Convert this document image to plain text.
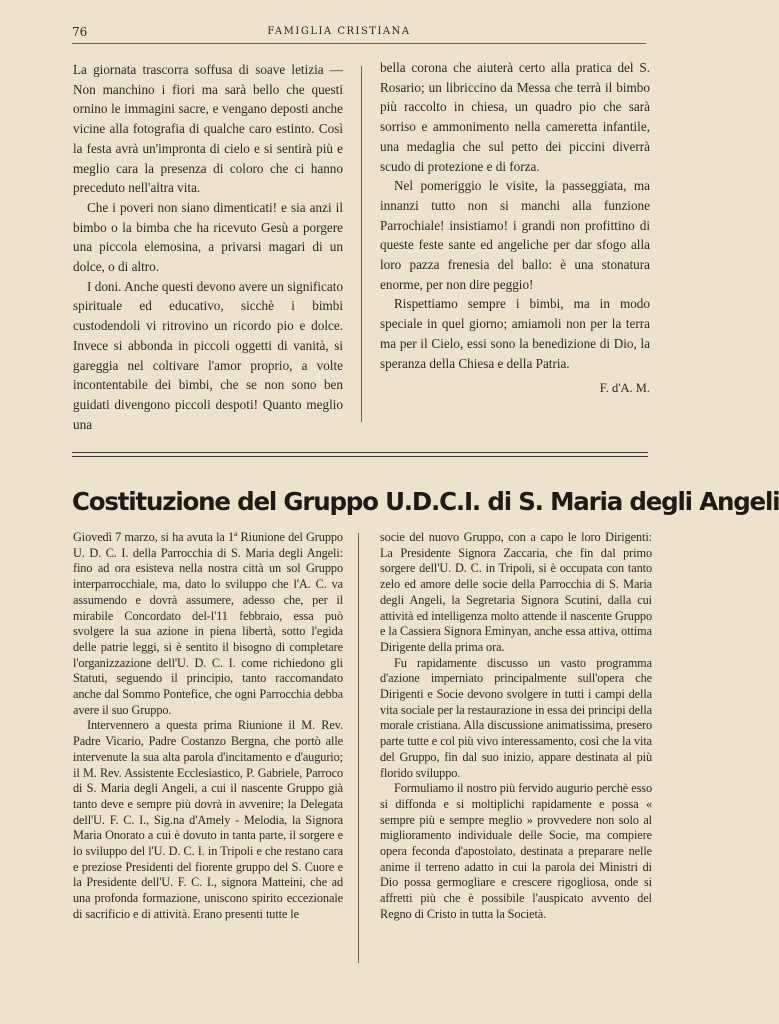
76	FAMIGLIA CRISTIANA

La giornata trascorra soffusa di soave letizia — Non manchino i fiori ma sarà bello che questi ornino le immagini sacre, e vengano deposti anche vicine alla fotografia di qualche caro estinto. Così la festa avrà un'impronta di cielo e si sentirà più e meglio cara la presenza di coloro che ci hanno preceduto nell'altra vita.

Che i poveri non siano dimenticati! e sia anzi il bimbo o la bimba che ha ricevuto Gesù a porgere una piccola elemosina, a privarsi magari di un dolce, o di altro.

I doni. Anche questi devono avere un significato spirituale ed educativo, sicchè i bimbi custodendoli vi ritrovino un ricordo pio e dolce. Invece si abbonda in piccoli oggetti di vanità, si gareggia nel coltivare l'amor proprio, a volte incontentabile dei bimbi, che se non sono ben guidati divengono piccoli despoti! Quanto meglio una

bella corona che aiuterà certo alla pratica del S. Rosario; un libriccino da Messa che terrà il bimbo più raccolto in chiesa, un quadro pio che sarà sorriso e ammonimento nella cameretta infantile, una medaglia che sul petto dei piccini diverrà scudo di protezione e di forza.

Nel pomeriggio le visite, la passeggiata, ma innanzi tutto non si manchi alla funzione Parrochiale! insistiamo! i grandi non profittino di queste feste sante ed angeliche per dar sfogo alla loro pazza frenesia del ballo: è una stonatura enorme, per non dire peggio!

Rispettiamo sempre i bimbi, ma in modo speciale in quel giorno; amiamoli non per la terra ma per il Cielo, essi sono la benedizione di Dio, la speranza della Chiesa e della Patria.

F. d'A. M.
Costituzione del Gruppo U.D.C.I. di S. Maria degli Angeli

Giovedì 7 marzo, si ha avuta la 1ª Riunione del Gruppo U. D. C. I. della Parrocchia di S. Maria degli Angeli: fino ad ora esisteva nella nostra città un sol Gruppo interparrocchiale, ma, dato lo sviluppo che l'A. C. va assumendo e dovrà assumere, adesso che, per il mirabile Concordato del-l'11 febbraio, essa può svolgere la sua azione in piena libertà, sotto l'egida delle patrie leggi, si è sentito il bisogno di completare l'organizzazione dell'U. D. C. I. come richiedono gli Statuti, seguendo il principio, tanto raccomandato anche dal Sommo Pontefice, che ogni Parrocchia debba avere il suo Gruppo.

Intervennero a questa prima Riunione il M. Rev. Padre Vicario, Padre Costanzo Bergna, che portò alle intervenute la sua alta parola d'incitamento e d'augurio; il M. Rev. Assistente Ecclesiastico, P. Gabriele, Parroco di S. Maria degli Angeli, a cui il nascente Gruppo già tanto deve e sempre più dovrà in avvenire; la Delegata dell'U. F. C. I., Sig.na d'Amely - Melodia, la Signora Maria Onorato a cui è dovuto in tanta parte, il sorgere e lo sviluppo del l'U. D. C. I. in Tripoli e che restano cara e preziose Presidenti del fiorente gruppo del S. Cuore e la Presidente dell'U. F. C. I., signora Matteini, che ad una profonda formazione, uniscono spirito eccezionale di sacrificio e di attività. Erano presenti tutte le

socie del nuovo Gruppo, con a capo le loro Dirigenti: La Presidente Signora Zaccaria, che fin dal primo sorgere dell'U. D. C. in Tripoli, si è occupata con tanto zelo ed amore delle socie della Parrocchia di S. Maria degli Angeli, la Segretaria Signora Scutini, dalla cui attività ed intelligenza molto attende il nascente Gruppo e la Cassiera Signora Eminyan, anche essa attiva, ottima Dirigente della prima ora.

Fu rapidamente discusso un vasto programma d'azione imperniato principalmente sull'opera che Dirigenti e Socie devono svolgere in tutti i campi della vita sociale per la restaurazione in essa dei principi della morale cristiana. Alla discussione animatissima, presero parte tutte e col più vivo interessamento, così che la vita del Gruppo, fin dal suo inizio, appare destinata al più florido sviluppo.

Formuliamo il nostro più fervido augurio perchè esso si diffonda e si moltiplichi rapidamente e possa « sempre più e sempre meglio » provvedere non solo al miglioramento individuale delle Socie, ma compiere opera feconda d'apostolato, destinata a preparare nelle anime il terreno adatto in cui la parola dei Ministri di Dio possa germogliare e crescere rigogliosa, onde si affretti più che è possibile l'auspicato avvento del Regno di Cristo in tutta la Società.
